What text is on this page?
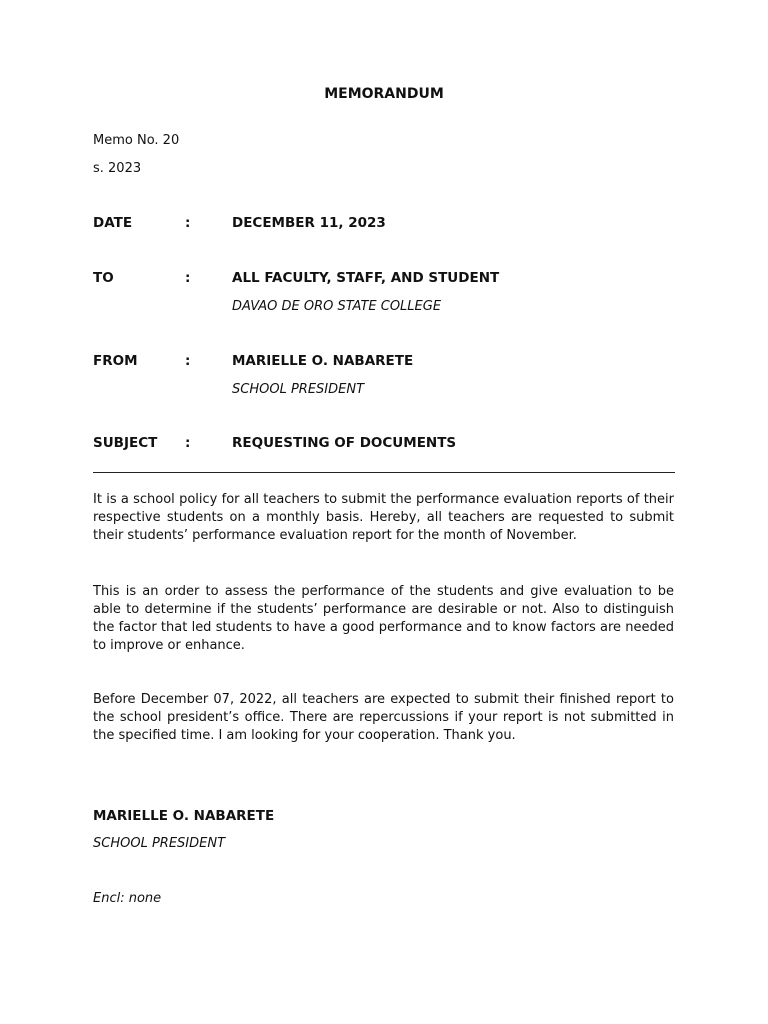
MEMORANDUM
Memo No. 20
s. 2023
DATE	:	DECEMBER 11, 2023
TO	:	ALL FACULTY, STAFF, AND STUDENT
DAVAO DE ORO STATE COLLEGE
FROM	:	MARIELLE O. NABARETE
SCHOOL PRESIDENT
SUBJECT :	REQUESTING OF DOCUMENTS
It is a school policy for all teachers to submit the performance evaluation reports of their respective students on a monthly basis. Hereby, all teachers are requested to submit their students’ performance evaluation report for the month of November.
This is an order to assess the performance of the students and give evaluation to be able to determine if the students’ performance are desirable or not. Also to distinguish the factor that led students to have a good performance and to know factors are needed to improve or enhance.
Before December 07, 2022, all teachers are expected to submit their finished report to the school president’s office. There are repercussions if your report is not submitted in the specified time. I am looking for your cooperation. Thank you.
MARIELLE O. NABARETE
SCHOOL PRESIDENT
Encl: none
